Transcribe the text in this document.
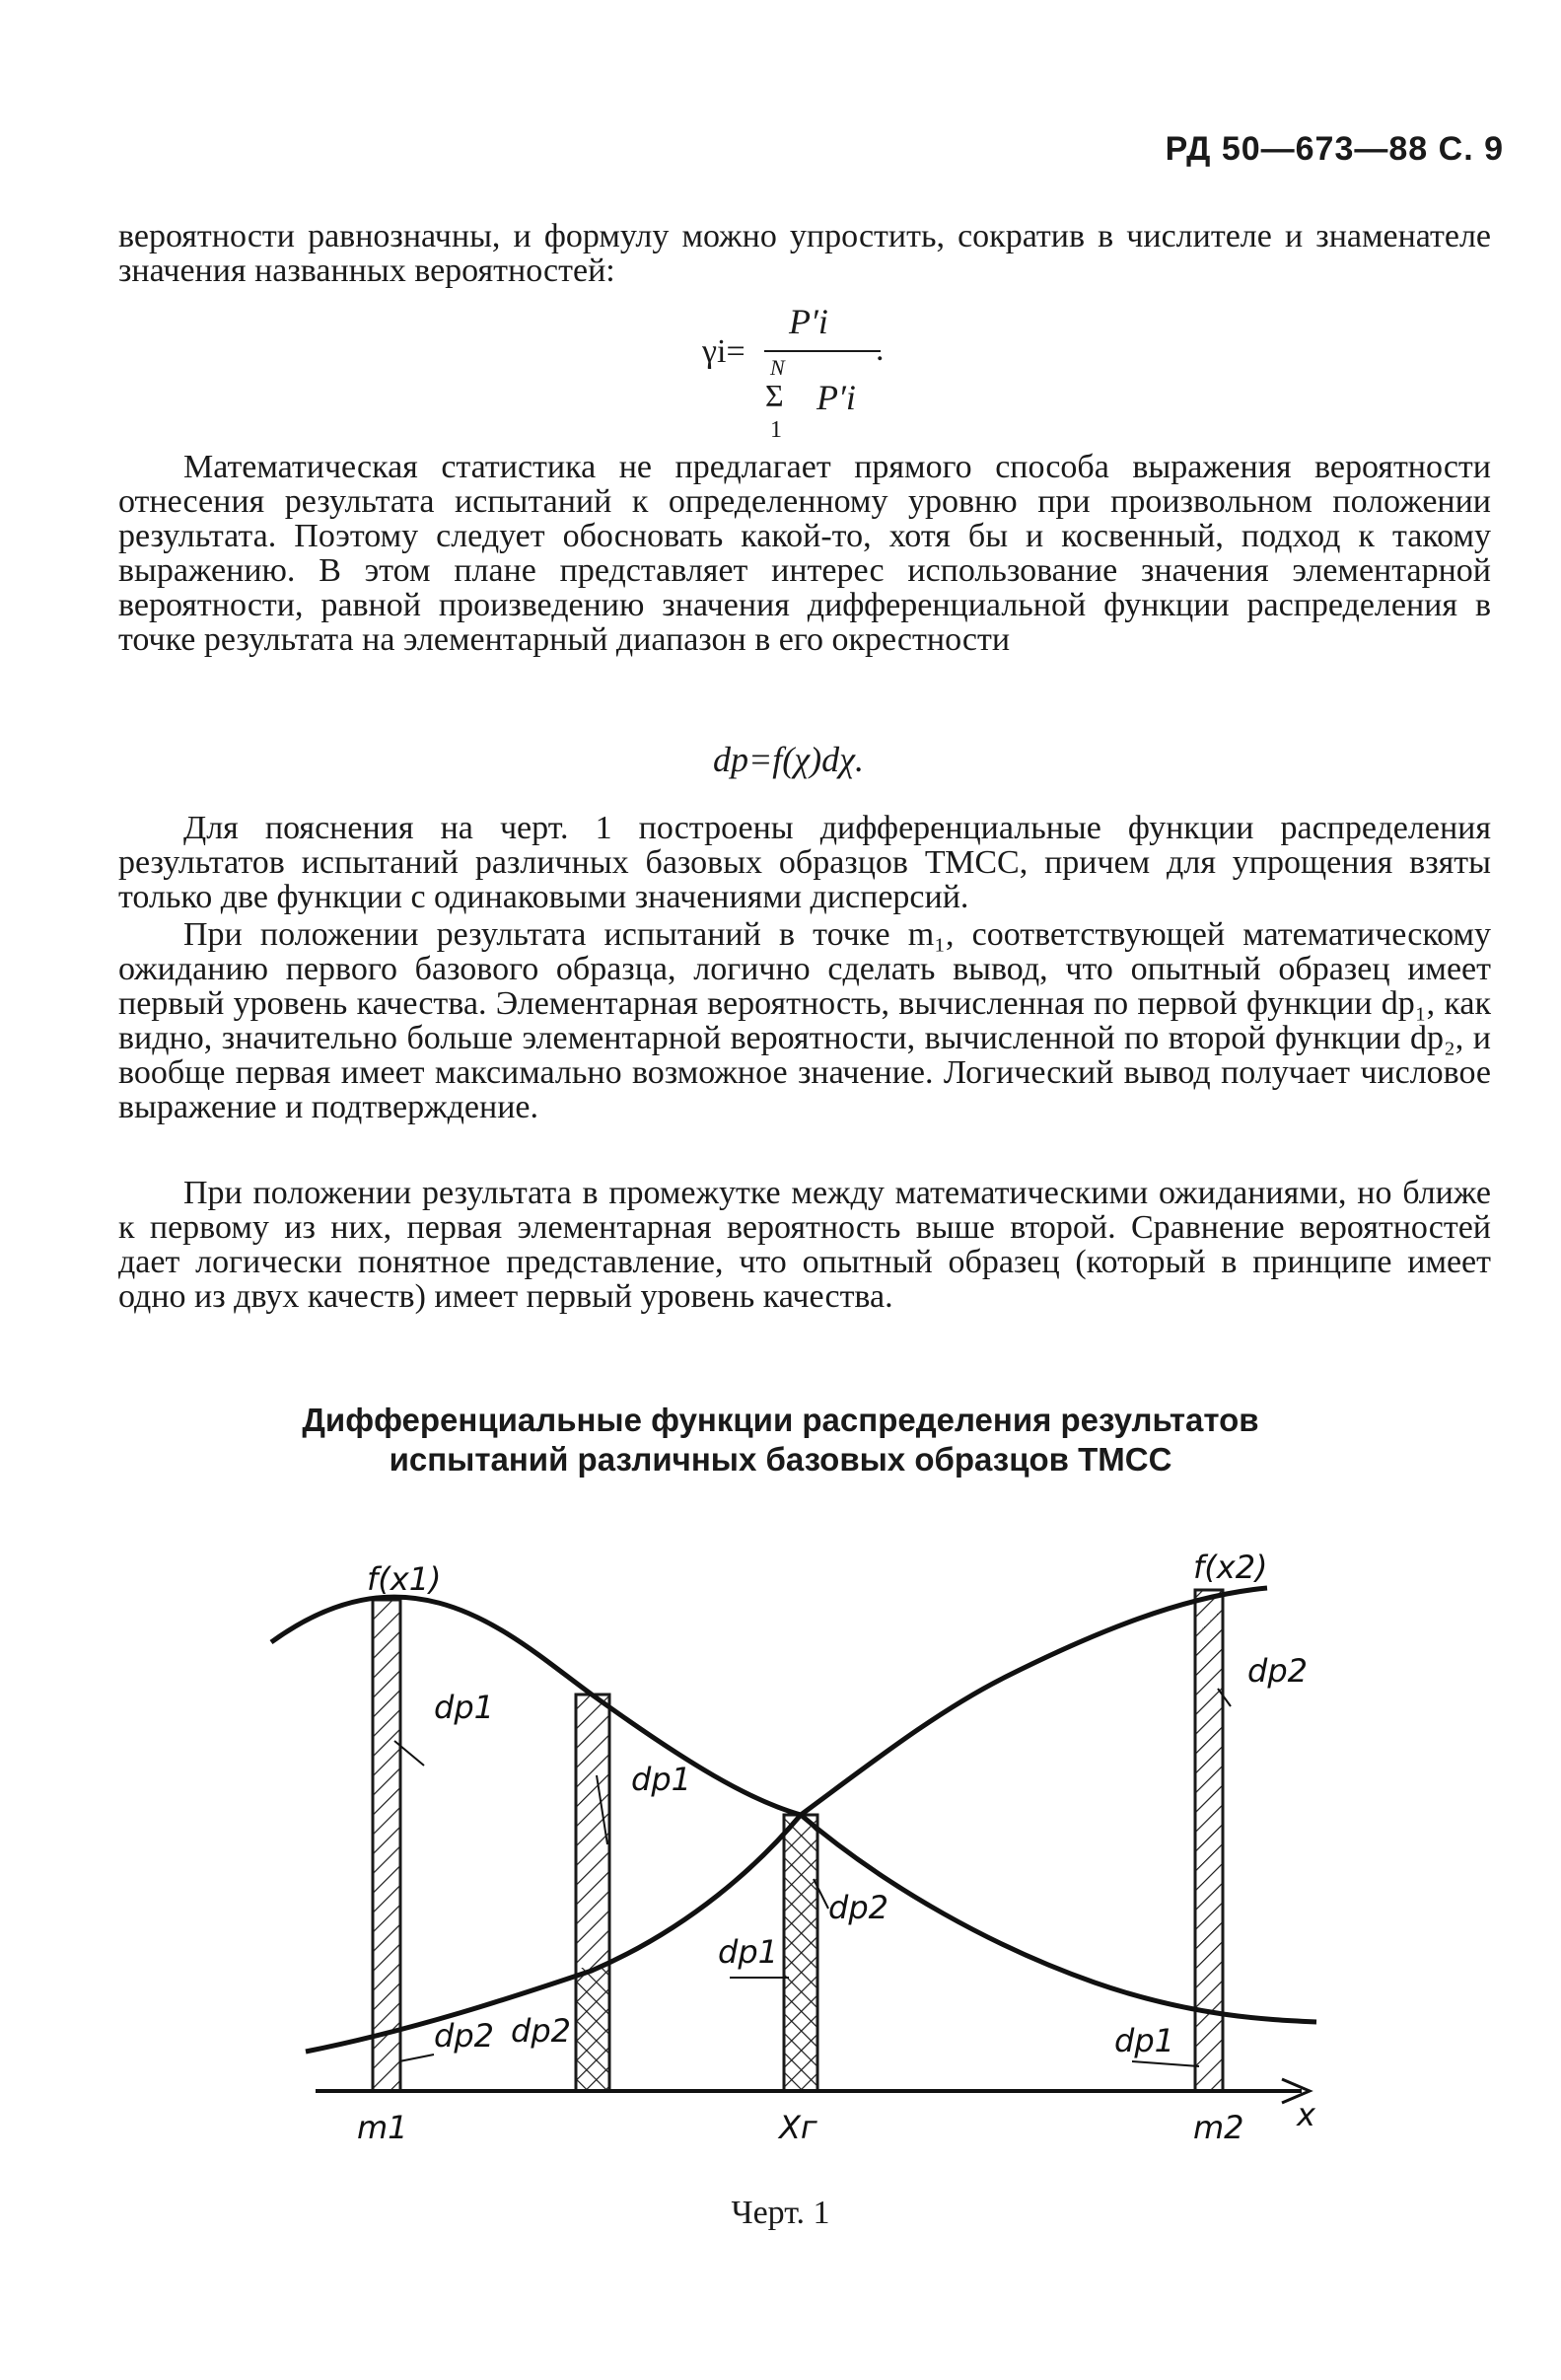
РД 50—673—88 С. 9

вероятности равнозначны, и формулу можно упростить, сократив в числителе и знаменателе значения названных вероятностей:

γi=
P′i
.
N
Σ
1
P′i

Математическая статистика не предлагает прямого способа выражения вероятности отнесения результата испытаний к определенному уровню при произвольном положении результата. Поэтому следует обосновать какой-то, хотя бы и косвенный, подход к такому выражению. В этом плане представляет интерес использование значения элементарной вероятности, равной произведению значения дифференциальной функции распределения в точке результата на элементарный диапазон в его окрестности

dp=f(χ)dχ.

Для пояснения на черт. 1 построены дифференциальные функции распределения результатов испытаний различных базовых образцов ТМСС, причем для упрощения взяты только две функции с одинаковыми значениями дисперсий.

При положении результата испытаний в точке m₁, соответствующей математическому ожиданию первого базового образца, логично сделать вывод, что опытный образец имеет первый уровень качества. Элементарная вероятность, вычисленная по первой функции dp₁, как видно, значительно больше элементарной вероятности, вычисленной по второй функции dp₂, и вообще первая имеет максимально возможное значение. Логический вывод получает числовое выражение и подтверждение.

При положении результата в промежутке между математическими ожиданиями, но ближе к первому из них, первая элементарная вероятность выше второй. Сравнение вероятностей дает логически понятное представление, что опытный образец (который в принципе имеет одно из двух качеств) имеет первый уровень качества.

Дифференциальные функции распределения результатов
испытаний различных базовых образцов ТМСС
f(x1)	f(x2)
dp1
dp1
dp2
dp1
dp2
dp1
dp2 dp2
m1	Xг	m2 x
Черт. 1
